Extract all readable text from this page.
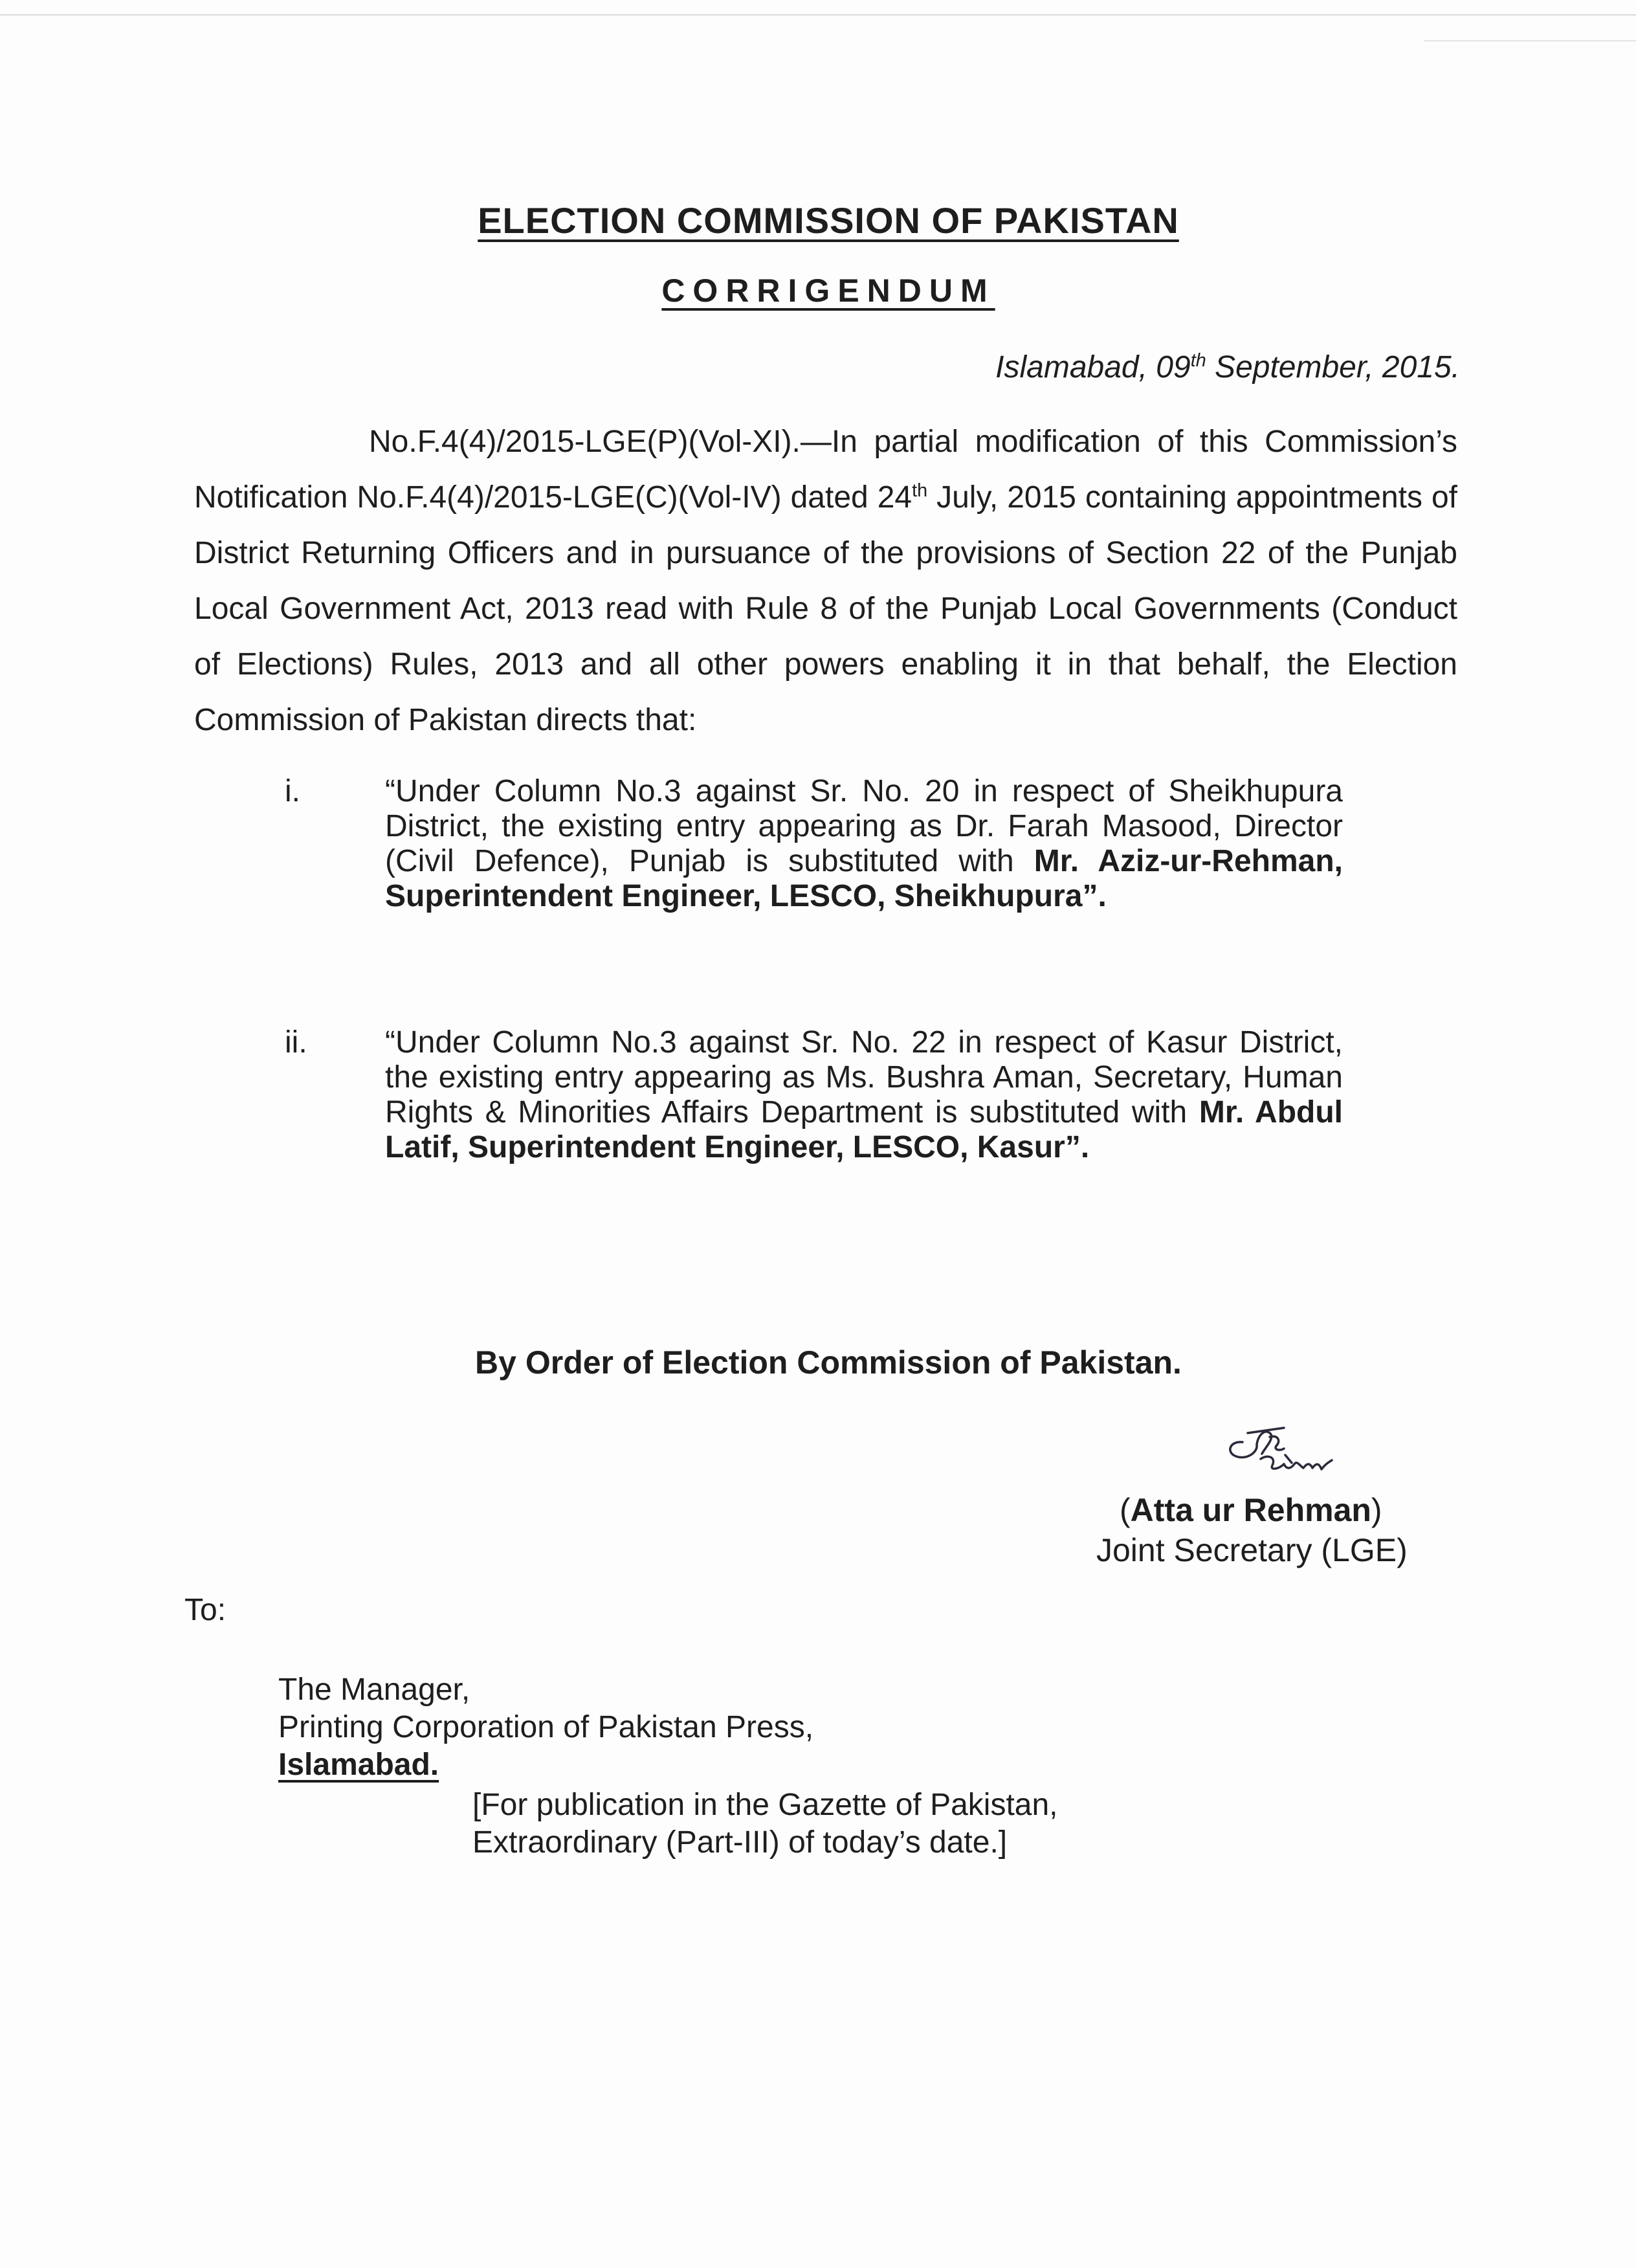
ELECTION COMMISSION OF PAKISTAN
CORRIGENDUM
Islamabad, 09th September, 2015.
No.F.4(4)/2015-LGE(P)(Vol-XI).—In partial modification of this Commission’s Notification No.F.4(4)/2015-LGE(C)(Vol-IV) dated 24th July, 2015 containing appointments of District Returning Officers and in pursuance of the provisions of Section 22 of the Punjab Local Government Act, 2013 read with Rule 8 of the Punjab Local Governments (Conduct of Elections) Rules, 2013 and all other powers enabling it in that behalf, the Election Commission of Pakistan directs that:
i.	“Under Column No.3 against Sr. No. 20 in respect of Sheikhupura District, the existing entry appearing as Dr. Farah Masood, Director (Civil Defence), Punjab is substituted with Mr. Aziz-ur-Rehman, Superintendent Engineer, LESCO, Sheikhupura”.
ii.	“Under Column No.3 against Sr. No. 22 in respect of Kasur District, the existing entry appearing as Ms. Bushra Aman, Secretary, Human Rights & Minorities Affairs Department is substituted with Mr. Abdul Latif, Superintendent Engineer, LESCO, Kasur”.
By Order of Election Commission of Pakistan.
(Atta ur Rehman)
Joint Secretary (LGE)
To:
The Manager,
Printing Corporation of Pakistan Press,
Islamabad.
[For publication in the Gazette of Pakistan,
Extraordinary (Part-III) of today’s date.]
